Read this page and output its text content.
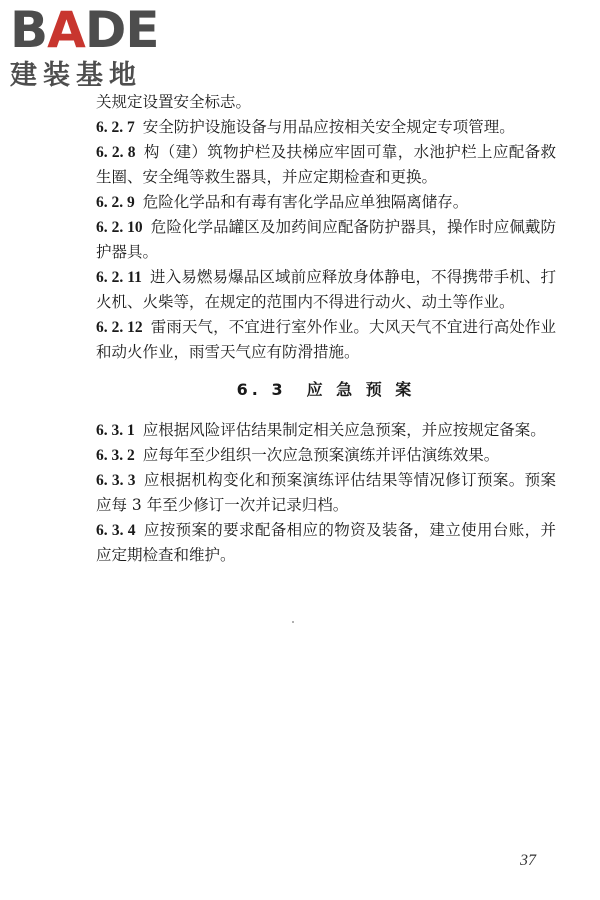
BADE
建装基地

关规定设置安全标志。

6. 2. 7 安全防护设施设备与用品应按相关安全规定专项管理。

6. 2. 8 构（建）筑物护栏及扶梯应牢固可靠，水池护栏上应配备救生圈、安全绳等救生器具，并应定期检查和更换。

6. 2. 9 危险化学品和有毒有害化学品应单独隔离储存。

6. 2. 10 危险化学品罐区及加药间应配备防护器具，操作时应佩戴防护器具。

6. 2. 11 进入易燃易爆品区域前应释放身体静电，不得携带手机、打火机、火柴等，在规定的范围内不得进行动火、动土等作业。

6. 2. 12 雷雨天气，不宜进行室外作业。大风天气不宜进行高处作业和动火作业，雨雪天气应有防滑措施。

6. 3　应 急 预 案

6. 3. 1 应根据风险评估结果制定相关应急预案，并应按规定备案。

6. 3. 2 应每年至少组织一次应急预案演练并评估演练效果。

6. 3. 3 应根据机构变化和预案演练评估结果等情况修订预案。预案应每 3 年至少修订一次并记录归档。

6. 3. 4 应按预案的要求配备相应的物资及装备，建立使用台账，并应定期检查和维护。

37
